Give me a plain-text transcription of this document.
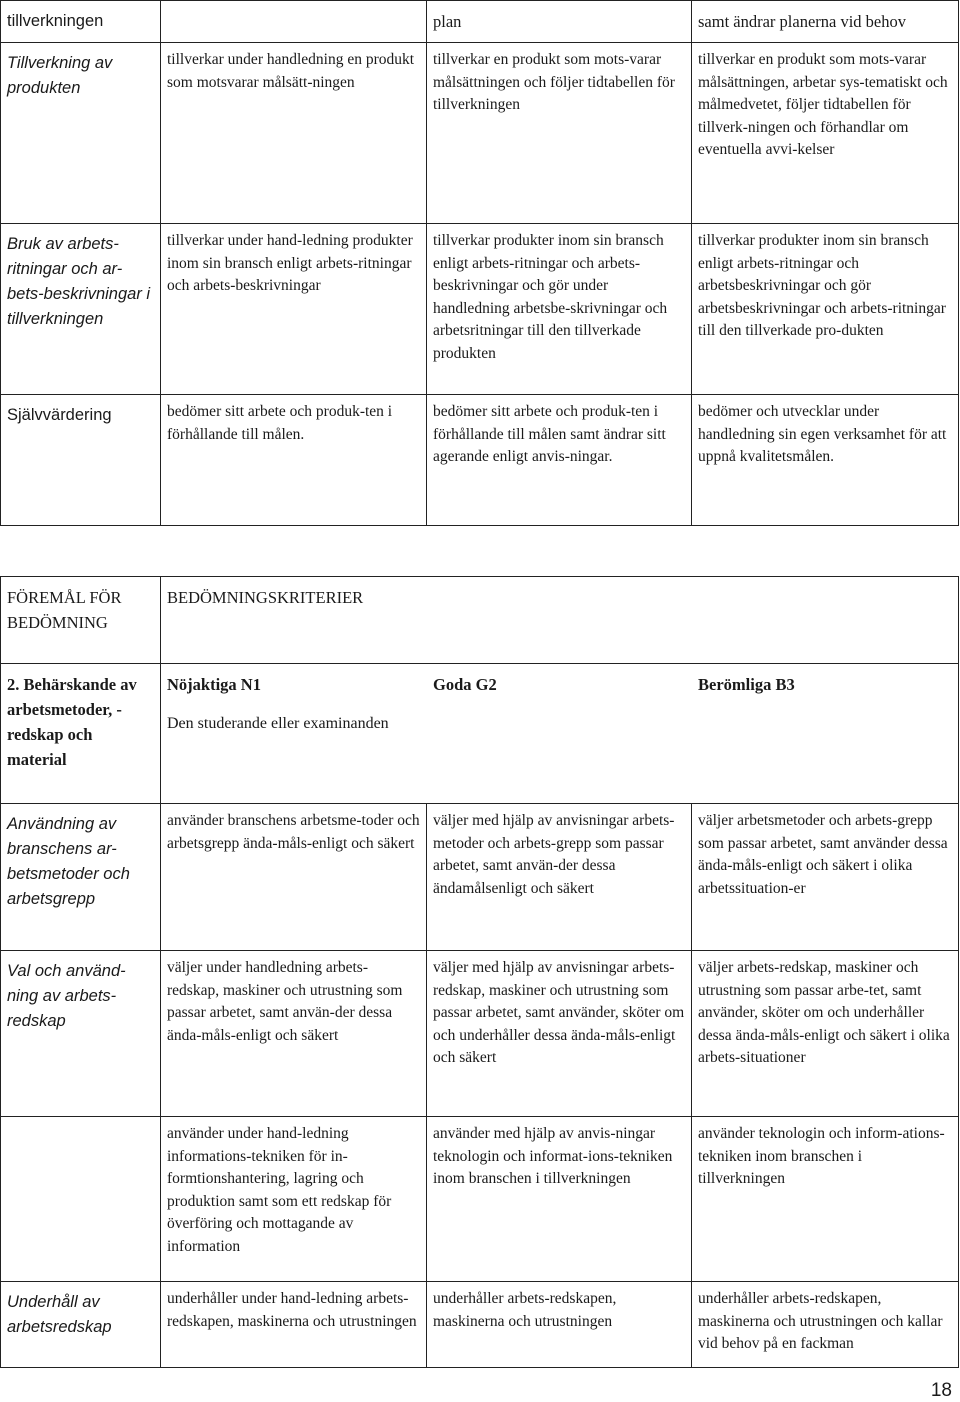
tillverkningen		plan	samt ändrar planerna vid behov
Tillverkning av produkten	tillverkar under handledning en produkt som motsvarar målsätt-ningen	tillverkar en produkt som mots-varar målsättningen och följer tidtabellen för tillverkningen	tillverkar en produkt som mots-varar målsättningen, arbetar sys-tematiskt och målmedvetet, följer tidtabellen för tillverk-ningen och förhandlar om eventuella avvi-kelser
Bruk av arbets-ritningar och ar-bets-beskrivningar i tillverkningen	tillverkar under hand-ledning produkter inom sin bransch enligt arbets-ritningar och arbets-beskrivningar	tillverkar produkter inom sin bransch enligt arbets-ritningar och arbets-beskrivningar och gör under handledning arbetsbe-skrivningar och arbetsritningar till den tillverkade produkten	tillverkar produkter inom sin bransch enligt arbets-ritningar och arbetsbeskrivningar och gör arbetsbeskrivningar och arbets-ritningar till den tillverkade pro-dukten
Självvärdering	bedömer sitt arbete och produk-ten i förhållande till målen.	bedömer sitt arbete och produk-ten i förhållande till målen samt ändrar sitt agerande enligt anvis-ningar.	bedömer och utvecklar under handledning sin egen verksamhet för att uppnå kvalitetsmålen.
FÖREMÅL FÖR BEDÖMNING	BEDÖMNINGSKRITERIER		
2. Behärskande av arbetsmetoder, -redskap och material	Nöjaktiga N1 Goda G2 Berömliga B3
Den studerande eller examinanden		

Användning av branschens ar-betsmetoder och arbetsgrepp	använder branschens arbetsme-toder och arbetsgrepp ända-måls-enligt och säkert	väljer med hjälp av anvisningar arbets-metoder och arbets-grepp som passar arbetet, samt använ-der dessa ändamålsenligt och säkert	väljer arbetsmetoder och arbets-grepp som passar arbetet, samt använder dessa ända-måls-enligt och säkert i olika arbetssituation-er
Val och använd-ning av arbets-redskap	väljer under handledning arbets-redskap, maskiner och utrustning som passar arbetet, samt använ-der dessa ända-måls-enligt och säkert	väljer med hjälp av anvisningar arbets-redskap, maskiner och utrustning som passar arbetet, samt använder, sköter om och underhåller dessa ända-måls-enligt och säkert	väljer arbets-redskap, maskiner och utrustning som passar arbe-tet, samt använder, sköter om och underhåller dessa ända-måls-enligt och säkert i olika arbets-situationer
	använder under hand-ledning informations-tekniken för in-formtionshantering, lagring och produktion samt som ett redskap för överföring och mottagande av information	använder med hjälp av anvis-ningar teknologin och informat-ions-tekniken inom branschen i tillverkningen	använder teknologin och inform-ations-tekniken inom branschen i tillverkningen
Underhåll av arbetsredskap	underhåller under hand-ledning arbets-redskapen, maskinerna och utrustningen	underhåller arbets-redskapen, maskinerna och utrustningen	underhåller arbets-redskapen, maskinerna och utrustningen och kallar vid behov på en fackman
18
